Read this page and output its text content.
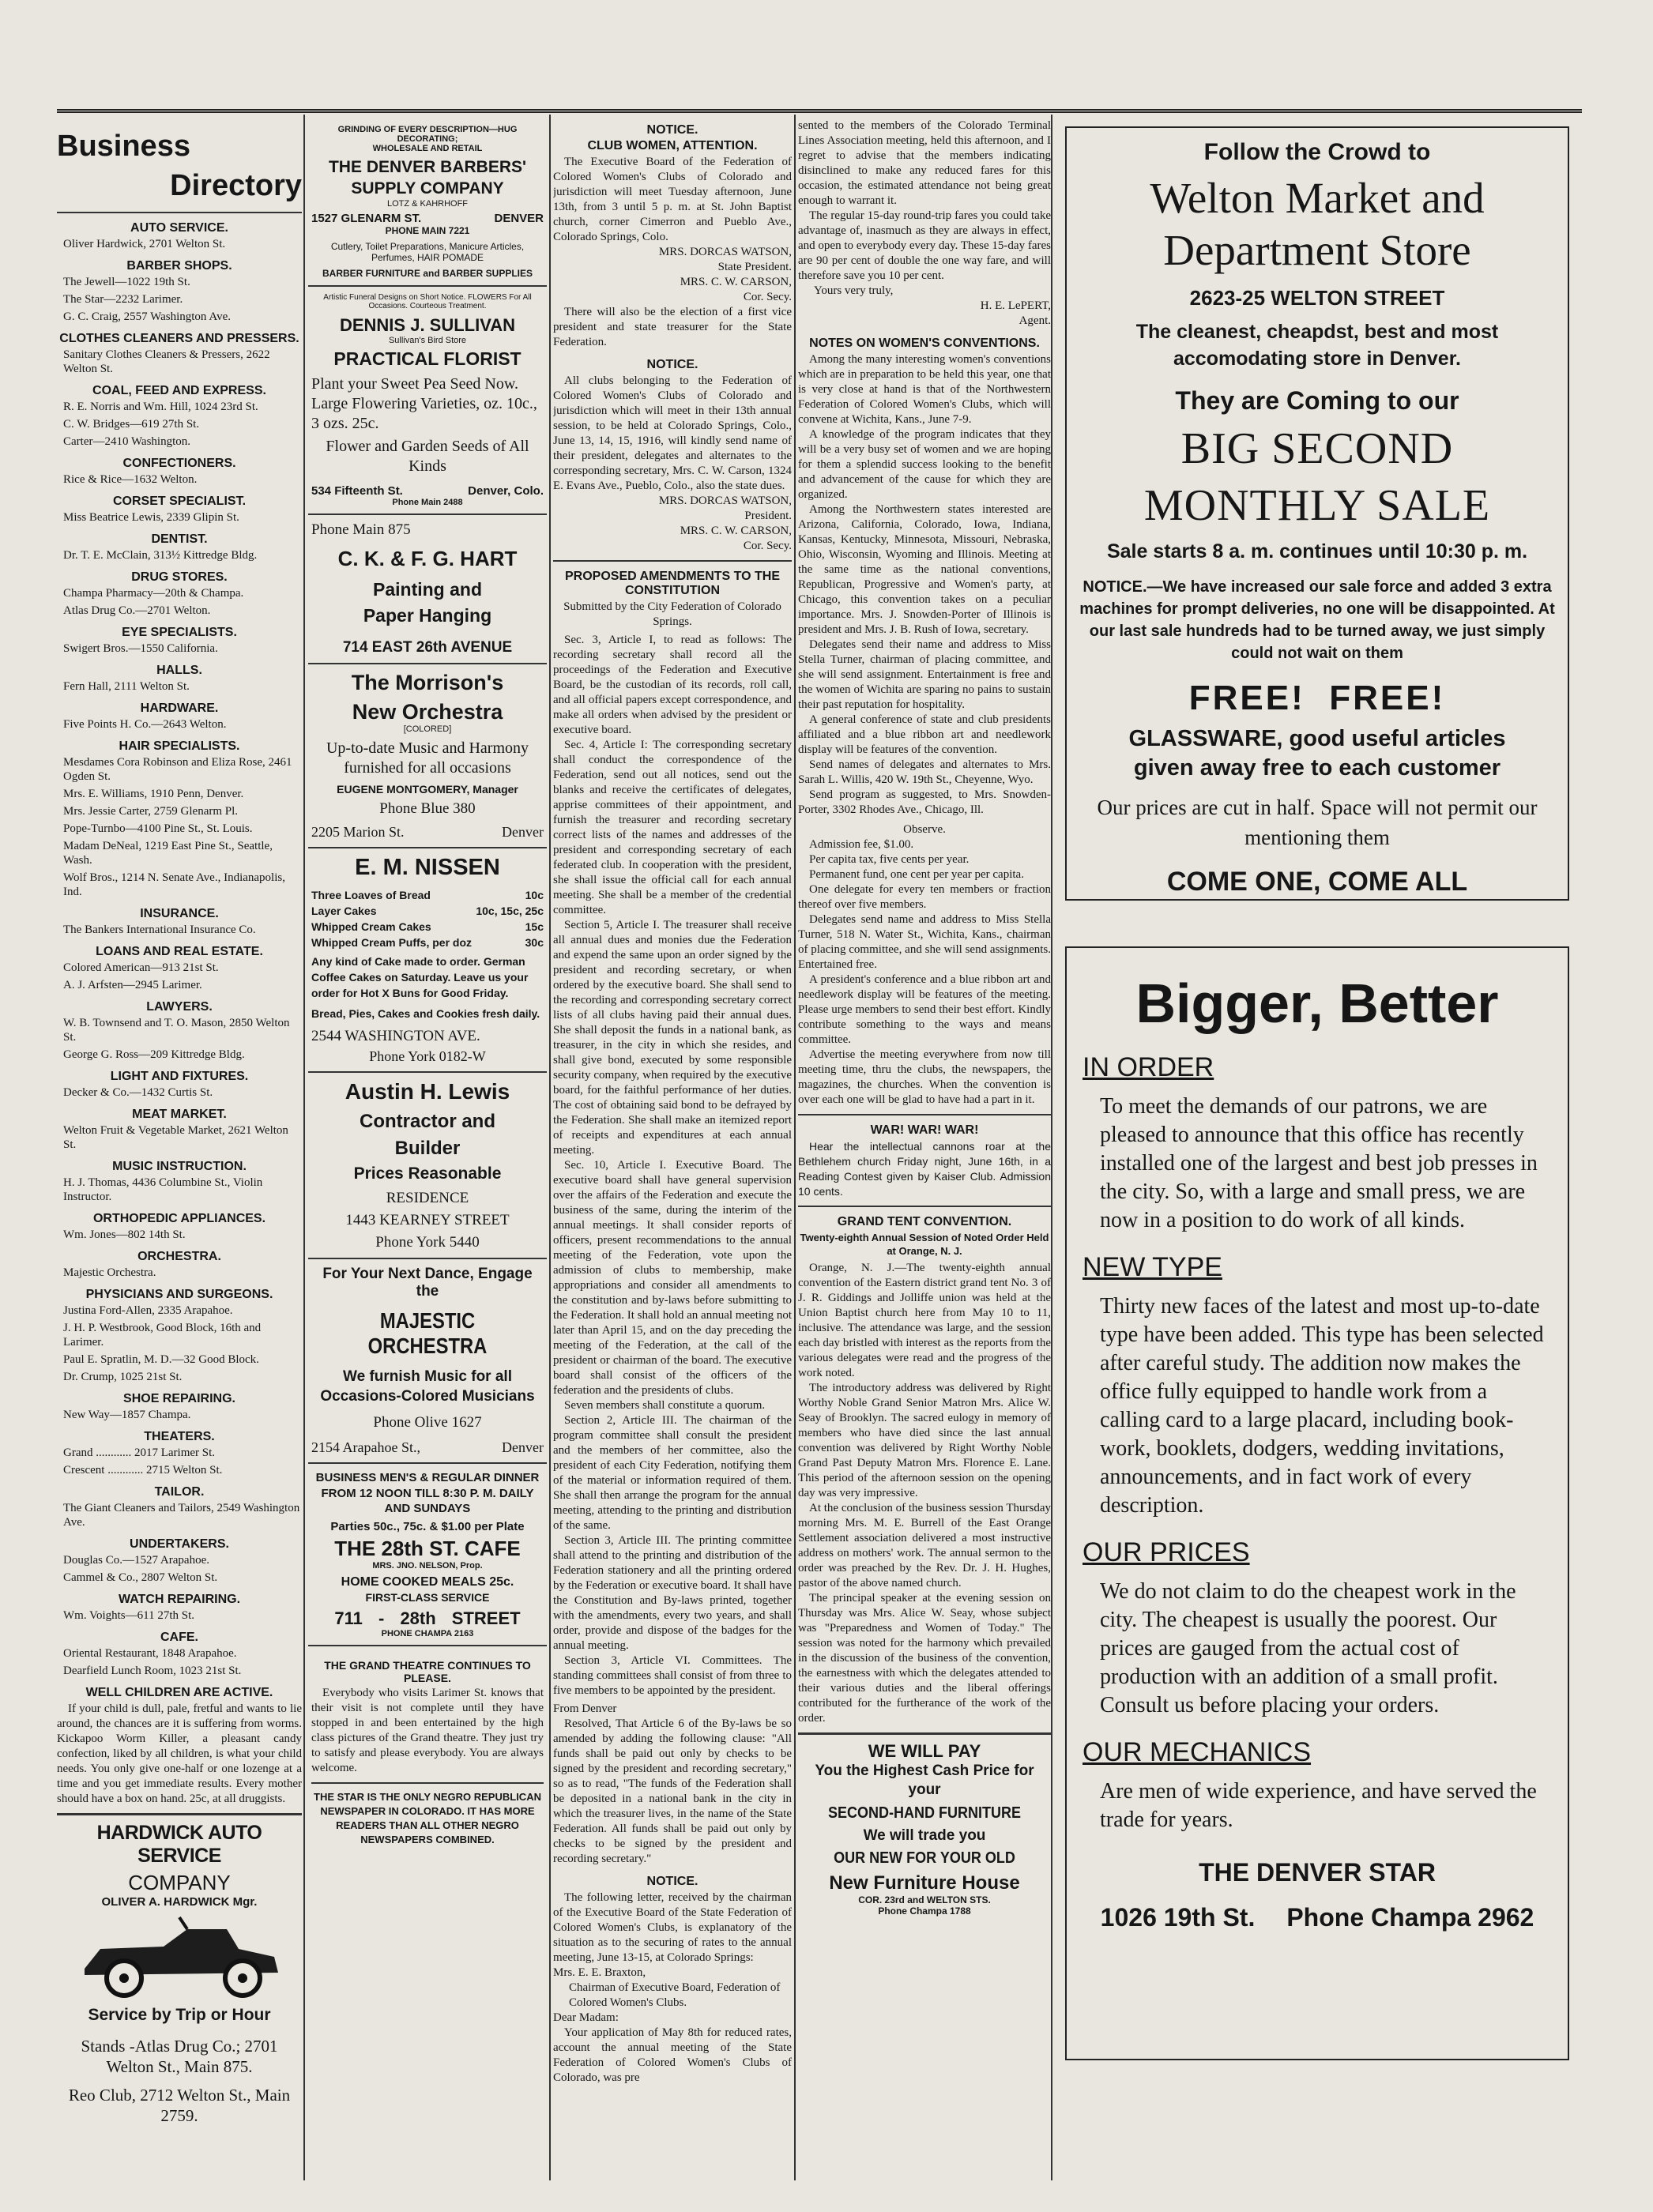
Business
Directory
AUTO SERVICE.
Oliver Hardwick, 2701 Welton St.
BARBER SHOPS.
The Jewell—1022 19th St.
The Star—2232 Larimer.
G. C. Craig, 2557 Washington Ave.
CLOTHES CLEANERS AND PRESSERS.
Sanitary Clothes Cleaners & Pressers, 2622 Welton St.
COAL, FEED AND EXPRESS.
R. E. Norris and Wm. Hill, 1024 23rd St.
C. W. Bridges—619 27th St.
Carter—2410 Washington.
CONFECTIONERS.
Rice & Rice—1632 Welton.
CORSET SPECIALIST.
Miss Beatrice Lewis, 2339 Glipin St.
DENTIST.
Dr. T. E. McClain, 313½ Kittredge Bldg.
DRUG STORES.
Champa Pharmacy—20th & Champa.
Atlas Drug Co.—2701 Welton.
EYE SPECIALISTS.
Swigert Bros.—1550 California.
HALLS.
Fern Hall, 2111 Welton St.
HARDWARE.
Five Points H. Co.—2643 Welton.
HAIR SPECIALISTS.
Mesdames Cora Robinson and Eliza Rose, 2461 Ogden St.
Mrs. E. Williams, 1910 Penn, Denver.
Mrs. Jessie Carter, 2759 Glenarm Pl.
Pope-Turnbo—4100 Pine St., St. Louis.
Madam DeNeal, 1219 East Pine St., Seattle, Wash.
Wolf Bros., 1214 N. Senate Ave., Indianapolis, Ind.
INSURANCE.
The Bankers International Insurance Co.
LOANS AND REAL ESTATE.
Colored American—913 21st St.
A. J. Arfsten—2945 Larimer.
LAWYERS.
W. B. Townsend and T. O. Mason, 2850 Welton St.
George G. Ross—209 Kittredge Bldg.
LIGHT AND FIXTURES.
Decker & Co.—1432 Curtis St.
MEAT MARKET.
Welton Fruit & Vegetable Market, 2621 Welton St.
MUSIC INSTRUCTION.
H. J. Thomas, 4436 Columbine St., Violin Instructor.
ORTHOPEDIC APPLIANCES.
Wm. Jones—802 14th St.
ORCHESTRA.
Majestic Orchestra.
PHYSICIANS AND SURGEONS.
Justina Ford-Allen, 2335 Arapahoe.
J. H. P. Westbrook, Good Block, 16th and Larimer.
Paul E. Spratlin, M. D.—32 Good Block.
Dr. Crump, 1025 21st St.
SHOE REPAIRING.
New Way—1857 Champa.
THEATERS.
Grand ............ 2017 Larimer St.
Crescent ............ 2715 Welton St.
TAILOR.
The Giant Cleaners and Tailors, 2549 Washington Ave.
UNDERTAKERS.
Douglas Co.—1527 Arapahoe.
Cammel & Co., 2807 Welton St.
WATCH REPAIRING.
Wm. Voights—611 27th St.
CAFE.
Oriental Restaurant, 1848 Arapahoe.
Dearfield Lunch Room, 1023 21st St.
WELL CHILDREN ARE ACTIVE.

If your child is dull, pale, fretful and wants to lie around, the chances are it is suffering from worms. Kickapoo Worm Killer, a pleasant candy confection, liked by all children, is what your child needs. You only give one-half or one lozenge at a time and you get immediate results. Every mother should have a box on hand. 25c, at all druggists.

HARDWICK AUTO SERVICE
COMPANY
OLIVER A. HARDWICK Mgr.
Service by Trip or Hour
Stands -Atlas Drug Co.; 2701 Welton St., Main 875.
Reo Club, 2712 Welton St., Main 2759.
GRINDING OF EVERY DESCRIPTION—HUG DECORATING;
WHOLESALE AND RETAIL
THE DENVER BARBERS' SUPPLY COMPANY
LOTZ & KAHRHOFF
1527 GLENARM ST.	DENVER
PHONE MAIN 7221
Cutlery, Toilet Preparations, Manicure Articles, Perfumes, HAIR POMADE
BARBER FURNITURE and BARBER SUPPLIES
Artistic Funeral Designs on Short Notice. FLOWERS For All Occasions. Courteous Treatment.
DENNIS J. SULLIVAN
Sullivan's Bird Store
PRACTICAL FLORIST
Plant your Sweet Pea Seed Now. Large Flowering Varieties, oz. 10c., 3 ozs. 25c.
Flower and Garden Seeds of All Kinds
534 Fifteenth St.	Denver, Colo.
Phone Main 2488
Phone Main 875
C. K. & F. G. HART
Painting and
Paper Hanging
714 EAST 26th AVENUE
The Morrison's
New Orchestra
[COLORED]
Up-to-date Music and Harmony furnished for all occasions
EUGENE MONTGOMERY, Manager
Phone Blue 380
2205 Marion St.	Denver
E. M. NISSEN
Three Loaves of Bread	10c
Layer Cakes	10c, 15c, 25c
Whipped Cream Cakes	15c
Whipped Cream Puffs, per doz	30c
Any kind of Cake made to order. German Coffee Cakes on Saturday. Leave us your order for Hot X Buns for Good Friday.
Bread, Pies, Cakes and Cookies fresh daily.
2544 WASHINGTON AVE.
Phone York 0182-W
Austin H. Lewis
Contractor and
Builder
Prices Reasonable
RESIDENCE
1443 KEARNEY STREET
Phone York 5440
For Your Next Dance, Engage the
MAJESTIC ORCHESTRA
We furnish Music for all Occasions-Colored Musicians
Phone Olive 1627
2154 Arapahoe St.,	Denver
BUSINESS MEN'S & REGULAR DINNER FROM 12 NOON TILL 8:30 P. M. DAILY
AND SUNDAYS
Parties 50c., 75c. & $1.00 per Plate
THE 28th ST. CAFE
MRS. JNO. NELSON, Prop.
HOME COOKED MEALS 25c.
FIRST-CLASS SERVICE
711 - 28th STREET
PHONE CHAMPA 2163
THE GRAND THEATRE CONTINUES TO PLEASE.

Everybody who visits Larimer St. knows that their visit is not complete until they have stopped in and been entertained by the high class pictures of the Grand theatre. They just try to satisfy and please everybody. You are always welcome.

THE STAR IS THE ONLY NEGRO REPUBLICAN NEWSPAPER IN COLORADO. IT HAS MORE READERS THAN ALL OTHER NEGRO NEWSPAPERS COMBINED.
NOTICE.
CLUB WOMEN, ATTENTION.

The Executive Board of the Federation of Colored Women's Clubs of Colorado and jurisdiction will meet Tuesday afternoon, June 13th, from 3 until 5 p. m. at St. John Baptist church, corner Cimerron and Pueblo Ave., Colorado Springs, Colo.

MRS. DORCAS WATSON,
State President.
MRS. C. W. CARSON,
Cor. Secy.

There will also be the election of a first vice president and state treasurer for the State Federation.

NOTICE.

All clubs belonging to the Federation of Colored Women's Clubs of Colorado and jurisdiction which will meet in their 13th annual session, to be held at Colorado Springs, Colo., June 13, 14, 15, 1916, will kindly send name of their president, delegates and alternates to the corresponding secretary, Mrs. C. W. Carson, 1324 E. Evans Ave., Pueblo, Colo., also the state dues.

MRS. DORCAS WATSON,
President.
MRS. C. W. CARSON,
Cor. Secy.
PROPOSED AMENDMENTS TO THE CONSTITUTION
Submitted by the City Federation of Colorado Springs.

Sec. 3, Article I, to read as follows: The recording secretary shall record all the proceedings of the Federation and Executive Board, be the custodian of its records, roll call, and all official papers except correspondence, and make all orders when advised by the president or executive board.

Sec. 4, Article I: The corresponding secretary shall conduct the correspondence of the Federation, send out all notices, send out the blanks and receive the certificates of delegates, apprise committees of their appointment, and furnish the treasurer and recording secretary correct lists of the names and addresses of the president and corresponding secretary of each federated club. In cooperation with the president, she shall issue the official call for each annual meeting. She shall be a member of the credential committee.

Section 5, Article I. The treasurer shall receive all annual dues and monies due the Federation and expend the same upon an order signed by the president and recording secretary, or when ordered by the executive board. She shall send to the recording and corresponding secretary correct lists of all clubs having paid their annual dues. She shall deposit the funds in a national bank, as treasurer, in the city in which she resides, and shall give bond, executed by some responsible security company, when required by the executive board, for the faithful performance of her duties. The cost of obtaining said bond to be defrayed by the Federation. She shall make an itemized report of receipts and expenditures at each annual meeting.

Sec. 10, Article I. Executive Board. The executive board shall have general supervision over the affairs of the Federation and execute the business of the same, during the interim of the annual meetings. It shall consider reports of officers, present recommendations to the annual meeting of the Federation, vote upon the admission of clubs to membership, make appropriations and consider all amendments to the constitution and by-laws before submitting to the Federation. It shall hold an annual meeting not later than April 15, and on the day preceding the meeting of the Federation, at the call of the president or chairman of the board. The executive board shall consist of the officers of the federation and the presidents of clubs.

Seven members shall constitute a quorum.

Section 2, Article III. The chairman of the program committee shall consult the president and the members of her committee, also the president of each City Federation, notifying them of the material or information required of them. She shall then arrange the program for the annual meeting, attending to the printing and distribution of the same.

Section 3, Article III. The printing committee shall attend to the printing and distribution of the Federation stationery and all the printing ordered by the Federation or executive board. It shall have the Constitution and By-laws printed, together with the amendments, every two years, and shall order, provide and dispose of the badges for the annual meeting.

Section 3, Article VI. Committees. The standing committees shall consist of from three to five members to be appointed by the president.

From Denver

Resolved, That Article 6 of the By-laws be so amended by adding the following clause: "All funds shall be paid out only by checks to be signed by the president and recording secretary," so as to read, "The funds of the Federation shall be deposited in a national bank in the city in which the treasurer lives, in the name of the State Federation. All funds shall be paid out only by checks to be signed by the president and recording secretary."

NOTICE.

The following letter, received by the chairman of the Executive Board of the State Federation of Colored Women's Clubs, is explanatory of the situation as to the securing of rates to the annual meeting, June 13-15, at Colorado Springs:

Mrs. E. E. Braxton,
Chairman of Executive Board, Federation of Colored Women's Clubs.
Dear Madam:

Your application of May 8th for reduced rates, account the annual meeting of the State Federation of Colored Women's Clubs of Colorado, was pre

sented to the members of the Colorado Terminal Lines Association meeting, held this afternoon, and I regret to advise that the members indicating disinclined to make any reduced fares for this occasion, the estimated attendance not being great enough to warrant it.

The regular 15-day round-trip fares you could take advantage of, inasmuch as they are always in effect, and open to everybody every day. These 15-day fares are 90 per cent of double the one way fare, and will therefore save you 10 per cent.

Yours very truly,
H. E. LePERT,
Agent.
NOTES ON WOMEN'S CONVENTIONS.

Among the many interesting women's conventions which are in preparation to be held this year, one that is very close at hand is that of the Northwestern Federation of Colored Women's Clubs, which will convene at Wichita, Kans., June 7-9.

A knowledge of the program indicates that they will be a very busy set of women and we are hoping for them a splendid success looking to the benefit and advancement of the cause for which they are organized.

Among the Northwestern states interested are Arizona, California, Colorado, Iowa, Indiana, Kansas, Kentucky, Minnesota, Missouri, Nebraska, Ohio, Wisconsin, Wyoming and Illinois. Meeting at the same time as the national conventions, Republican, Progressive and Women's party, at Chicago, this convention takes on a peculiar importance. Mrs. J. Snowden-Porter of Illinois is president and Mrs. J. B. Rush of Iowa, secretary.

Delegates send their name and address to Miss Stella Turner, chairman of placing committee, and she will send assignment. Entertainment is free and the women of Wichita are sparing no pains to sustain their past reputation for hospitality.

A general conference of state and club presidents affiliated and a blue ribbon art and needlework display will be features of the convention.

Send names of delegates and alternates to Mrs. Sarah L. Willis, 420 W. 19th St., Cheyenne, Wyo.

Send program as suggested, to Mrs. Snowden-Porter, 3302 Rhodes Ave., Chicago, Ill.

Observe.

Admission fee, $1.00.

Per capita tax, five cents per year.

Permanent fund, one cent per year per capita.

One delegate for every ten members or fraction thereof over five members.

Delegates send name and address to Miss Stella Turner, 518 N. Water St., Wichita, Kans., chairman of placing committee, and she will send assignments. Entertained free.

A president's conference and a blue ribbon art and needlework display will be features of the meeting. Please urge members to send their best effort. Kindly contribute something to the ways and means committee.

Advertise the meeting everywhere from now till meeting time, thru the clubs, the newspapers, the magazines, the churches. When the convention is over each one will be glad to have had a part in it.

WAR! WAR! WAR!

Hear the intellectual cannons roar at the Bethlehem church Friday night, June 16th, in a Reading Contest given by Kaiser Club. Admission 10 cents.

GRAND TENT CONVENTION.
Twenty-eighth Annual Session of Noted Order Held at Orange, N. J.

Orange, N. J.—The twenty-eighth annual convention of the Eastern district grand tent No. 3 of J. R. Giddings and Jolliffe union was held at the Union Baptist church here from May 10 to 11, inclusive. The attendance was large, and the session each day bristled with interest as the reports from the various delegates were read and the progress of the work noted.

The introductory address was delivered by Right Worthy Noble Grand Senior Matron Mrs. Alice W. Seay of Brooklyn. The sacred eulogy in memory of members who have died since the last annual convention was delivered by Right Worthy Noble Grand Past Deputy Matron Mrs. Florence E. Lane. This period of the afternoon session on the opening day was very impressive.

At the conclusion of the business session Thursday morning Mrs. M. E. Burrell of the East Orange Settlement association delivered a most instructive address on mothers' work. The annual sermon to the order was preached by the Rev. Dr. J. H. Hughes, pastor of the above named church.

The principal speaker at the evening session on Thursday was Mrs. Alice W. Seay, whose subject was "Preparedness and Women of Today." The session was noted for the harmony which prevailed in the discussion of the business of the convention, the earnestness with which the delegates attended to their various duties and the liberal offerings contributed for the furtherance of the work of the order.

WE WILL PAY
You the Highest Cash Price for your
SECOND-HAND FURNITURE
We will trade you
OUR NEW FOR YOUR OLD
New Furniture House
COR. 23rd and WELTON STS.
Phone Champa 1788
Follow the Crowd to
Welton Market and
Department Store
2623-25 WELTON STREET
The cleanest, cheapdst, best and most accomodating store in Denver.
They are Coming to our
BIG SECOND
MONTHLY SALE
Sale starts 8 a. m. continues until 10:30 p. m.
NOTICE.—We have increased our sale force and added 3 extra machines for prompt deliveries, no one will be disappointed. At our last sale hundreds had to be turned away, we just simply could not wait on them
FREE!  FREE!
GLASSWARE, good useful articles
given away free to each customer
Our prices are cut in half. Space will not permit our mentioning them
COME ONE, COME ALL
Bigger, Better
IN ORDER

To meet the demands of our patrons, we are pleased to announce that this office has recently installed one of the largest and best job presses in the city. So, with a large and small press, we are now in a position to do work of all kinds.

NEW TYPE

Thirty new faces of the latest and most up-to-date type have been added. This type has been selected after careful study. The addition now makes the office fully equipped to handle work from a calling card to a large placard, including book-work, booklets, dodgers, wedding invitations, announcements, and in fact work of every description.

OUR PRICES

We do not claim to do the cheapest work in the city. The cheapest is usually the poorest. Our prices are gauged from the actual cost of production with an addition of a small profit. Consult us before placing your orders.

OUR MECHANICS

Are men of wide experience, and have served the trade for years.

THE DENVER STAR
1026 19th St. Phone Champa 2962
